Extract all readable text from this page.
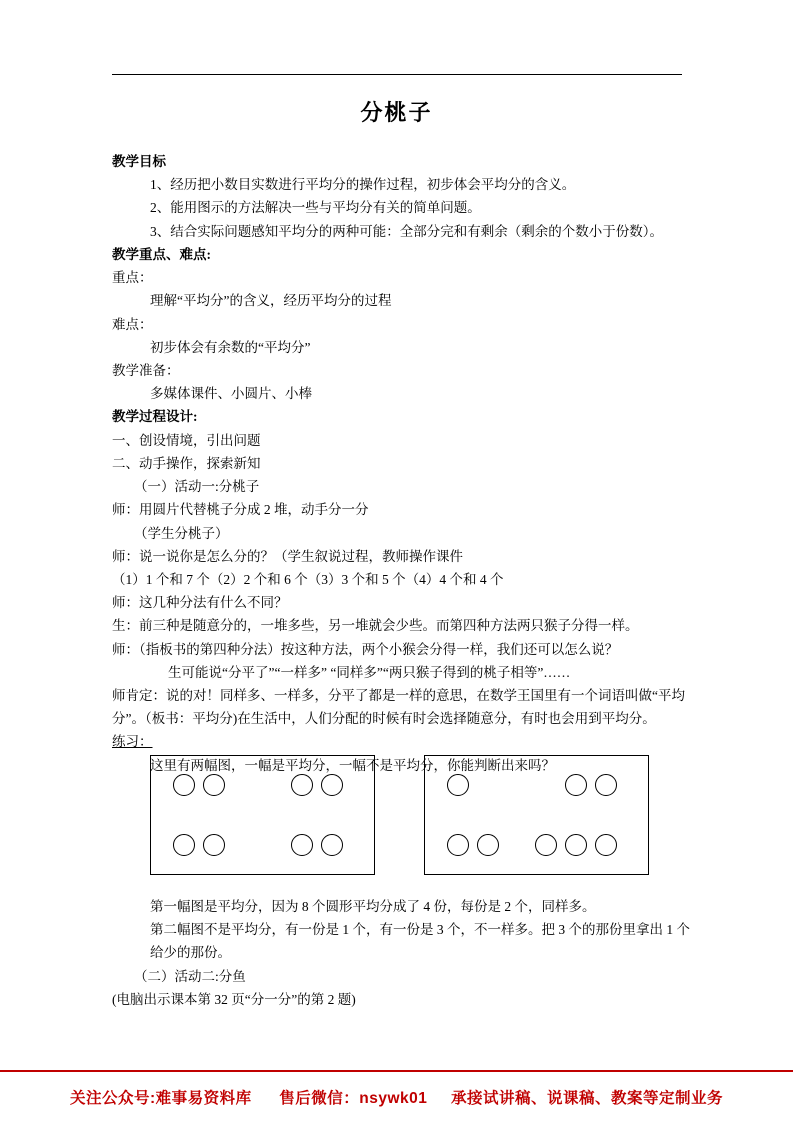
分桃子

教学目标

1、经历把小数目实数进行平均分的操作过程，初步体会平均分的含义。

2、能用图示的方法解决一些与平均分有关的简单问题。

3、结合实际问题感知平均分的两种可能：全部分完和有剩余（剩余的个数小于份数）。

教学重点、难点:

重点：

理解“平均分”的含义，经历平均分的过程

难点：

初步体会有余数的“平均分”

教学准备：

多媒体课件、小圆片、小棒

教学过程设计:

一、创设情境，引出问题

二、动手操作，探索新知

（一）活动一:分桃子

师：用圆片代替桃子分成 2 堆，动手分一分

（学生分桃子）

师：说一说你是怎么分的？（学生叙说过程，教师操作课件

（1）1 个和 7 个（2）2 个和 6 个（3）3 个和 5 个（4）4 个和 4 个

师：这几种分法有什么不同？

生：前三种是随意分的，一堆多些，另一堆就会少些。而第四种方法两只猴子分得一样。

师：（指板书的第四种分法）按这种方法，两个小猴会分得一样，我们还可以怎么说？

生可能说“分平了”“一样多” “同样多”“两只猴子得到的桃子相等”……

师肯定：说的对！同样多、一样多，分平了都是一样的意思，在数学王国里有一个词语叫做“平均分”。（板书：平均分)在生活中，人们分配的时候有时会选择随意分，有时也会用到平均分。

练习：

这里有两幅图，一幅是平均分，一幅不是平均分，你能判断出来吗？

第一幅图是平均分，因为 8 个圆形平均分成了 4 份，每份是 2 个，同样多。

第二幅图不是平均分，有一份是 1 个，有一份是 3 个，不一样多。把 3 个的那份里拿出 1 个给少的那份。

（二）活动二:分鱼

(电脑出示课本第 32 页“分一分”的第 2 题)

关注公众号:难事易资料库 售后微信：nsywk01 承接试讲稿、说课稿、教案等定制业务
